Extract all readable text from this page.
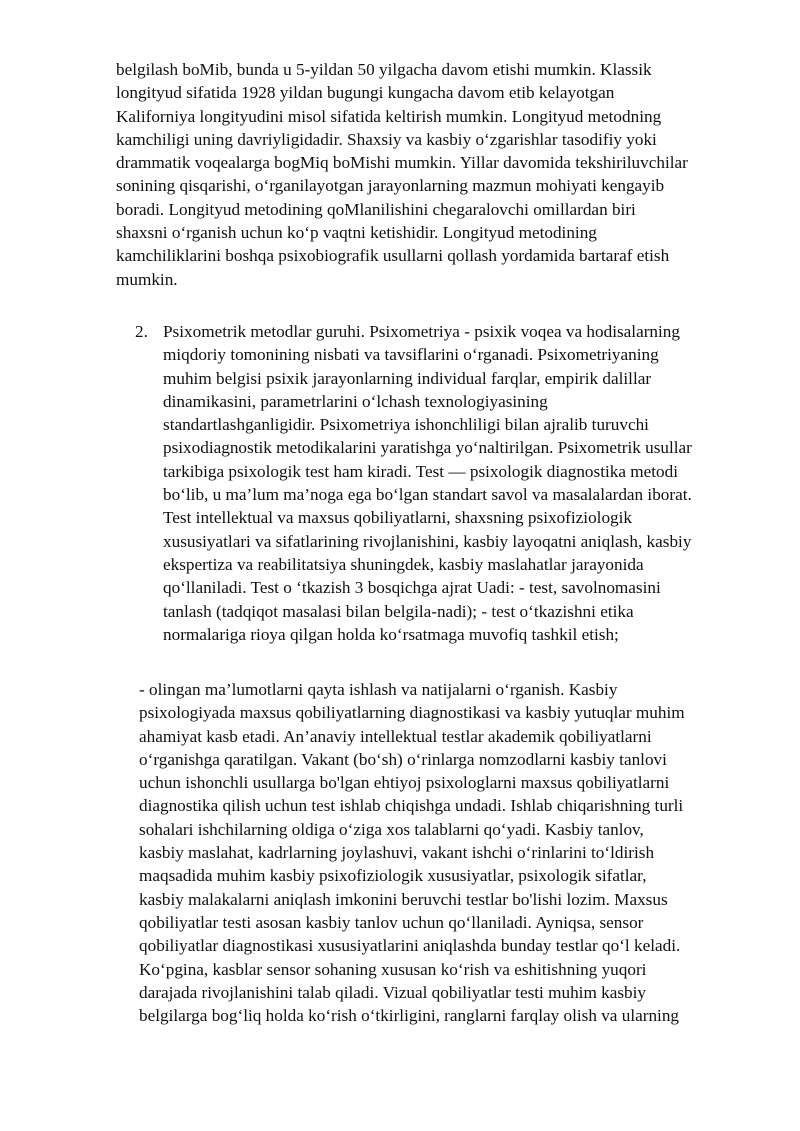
belgilash boMib, bunda u 5-yildan 50 yilgacha davom etishi mumkin. Klassik
longityud sifatida 1928 yildan bugungi kungacha davom etib kelayotgan
Kaliforniya longityudini misol sifatida keltirish mumkin. Longityud metodning
kamchiligi uning davriyligidadir. Shaxsiy va kasbiy o‘zgarishlar tasodifiy yoki
drammatik voqealarga bogMiq boMishi mumkin. Yillar davomida tekshiriluvchilar
sonining qisqarishi, o‘rganilayotgan jarayonlarning mazmun mohiyati kengayib
boradi. Longityud metodining qoMlanilishini chegaralovchi omillardan biri
shaxsni o‘rganish uchun ko‘p vaqtni ketishidir. Longityud metodining
kamchiliklarini boshqa psixobiografik usullarni qollash yordamida bartaraf etish
mumkin.
2. Psixometrik metodlar guruhi. Psixometriya - psixik voqea va hodisalarning
miqdoriy tomonining nisbati va tavsiflarini o‘rganadi. Psixometriyaning
muhim belgisi psixik jarayonlarning individual farqlar, empirik dalillar
dinamikasini, parametrlarini o‘lchash texnologiyasining
standartlashganligidir. Psixometriya ishonchliligi bilan ajralib turuvchi
psixodiagnostik metodikalarini yaratishga yo‘naltirilgan. Psixometrik usullar
tarkibiga psixologik test ham kiradi. Test — psixologik diagnostika metodi
bo‘lib, u ma’lum ma’noga ega bo‘lgan standart savol va masalalardan iborat.
Test intellektual va maxsus qobiliyatlarni, shaxsning psixofiziologik
xususiyatlari va sifatlarining rivojlanishini, kasbiy layoqatni aniqlash, kasbiy
ekspertiza va reabilitatsiya shuningdek, kasbiy maslahatlar jarayonida
qo‘llaniladi. Test o ‘tkazish 3 bosqichga ajrat Uadi: - test, savolnomasini
tanlash (tadqiqot masalasi bilan belgila-nadi); - test o‘tkazishni etika
normalariga rioya qilgan holda ko‘rsatmaga muvofiq tashkil etish;
- olingan ma’lumotlarni qayta ishlash va natijalarni o‘rganish. Kasbiy
psixologiyada maxsus qobiliyatlarning diagnostikasi va kasbiy yutuqlar muhim
ahamiyat kasb etadi. An’anaviy intellektual testlar akademik qobiliyatlarni
o‘rganishga qaratilgan. Vakant (bo‘sh) o‘rinlarga nomzodlarni kasbiy tanlovi
uchun ishonchli usullarga bo'lgan ehtiyoj psixologlarni maxsus qobiliyatlarni
diagnostika qilish uchun test ishlab chiqishga undadi. Ishlab chiqarishning turli
sohalari ishchilarning oldiga o‘ziga xos talablarni qo‘yadi. Kasbiy tanlov,
kasbiy maslahat, kadrlarning joylashuvi, vakant ishchi o‘rinlarini to‘ldirish
maqsadida muhim kasbiy psixofiziologik xususiyatlar, psixologik sifatlar,
kasbiy malakalarni aniqlash imkonini beruvchi testlar bo'lishi lozim. Maxsus
qobiliyatlar testi asosan kasbiy tanlov uchun qo‘llaniladi. Ayniqsa, sensor
qobiliyatlar diagnostikasi xususiyatlarini aniqlashda bunday testlar qo‘l keladi.
Ko‘pgina, kasblar sensor sohaning xususan ko‘rish va eshitishning yuqori
darajada rivojlanishini talab qiladi. Vizual qobiliyatlar testi muhim kasbiy
belgilarga bog‘liq holda ko‘rish o‘tkirligini, ranglarni farqlay olish va ularning
